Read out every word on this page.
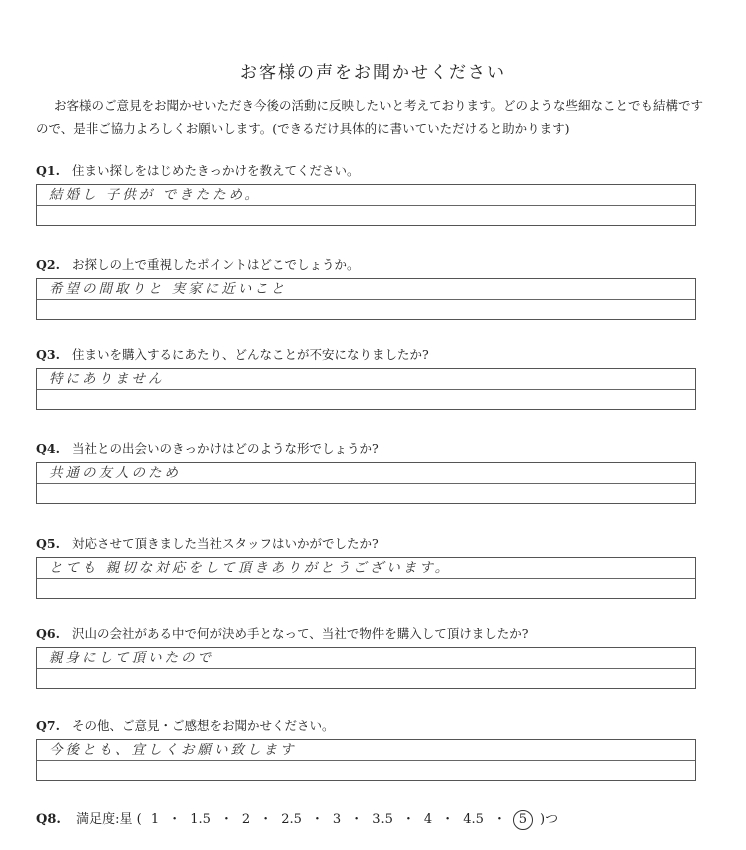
お客様の声をお聞かせください
お客様のご意見をお聞かせいただき今後の活動に反映したいと考えております。どのような些細なことでも結構ですので、是非ご協力よろしくお願いします。(できるだけ具体的に書いていただけると助かります)
Q1. 住まい探しをはじめたきっかけを教えてください。
結婚し 子供が できたため。
Q2. お探しの上で重視したポイントはどこでしょうか。
希望の間取りと 実家に近いこと
Q3. 住まいを購入するにあたり、どんなことが不安になりましたか?
特にありません
Q4. 当社との出会いのきっかけはどのような形でしょうか?
共通の友人のため
Q5. 対応させて頂きました当社スタッフはいかがでしたか?
とても 親切な対応をして頂きありがとうございます。
Q6. 沢山の会社がある中で何が決め手となって、当社で物件を購入して頂けましたか?
親身にして頂いたので
Q7. その他、ご意見・ご感想をお聞かせください。
今後とも、宜しくお願い致します
Q8. 満足度:星 ( 1 ・ 1.5 ・ 2 ・ 2.5 ・ 3 ・ 3.5 ・ 4 ・ 4.5 ・ 5 )つ
